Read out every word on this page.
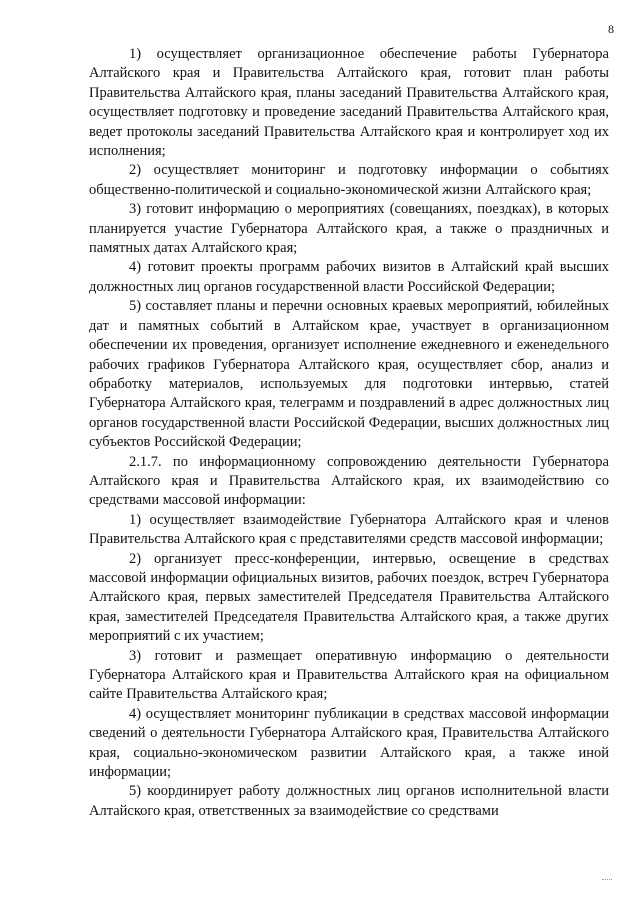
8

1) осуществляет организационное обеспечение работы Губернатора Алтайского края и Правительства Алтайского края, готовит план работы Правительства Алтайского края, планы заседаний Правительства Алтайского края, осуществляет подготовку и проведение заседаний Правительства Алтайского края, ведет протоколы заседаний Правительства Алтайского края и контролирует ход их исполнения;

2) осуществляет мониторинг и подготовку информации о событиях общественно-политической и социально-экономической жизни Алтайского края;

3) готовит информацию о мероприятиях (совещаниях, поездках), в которых планируется участие Губернатора Алтайского края, а также о праздничных и памятных датах Алтайского края;

4) готовит проекты программ рабочих визитов в Алтайский край высших должностных лиц органов государственной власти Российской Федерации;

5) составляет планы и перечни основных краевых мероприятий, юбилейных дат и памятных событий в Алтайском крае, участвует в организационном обеспечении их проведения, организует исполнение ежедневного и еженедельного рабочих графиков Губернатора Алтайского края, осуществляет сбор, анализ и обработку материалов, используемых для подготовки интервью, статей Губернатора Алтайского края, телеграмм и поздравлений в адрес должностных лиц органов государственной власти Российской Федерации, высших должностных лиц субъектов Российской Федерации;

2.1.7. по информационному сопровождению деятельности Губернатора Алтайского края и Правительства Алтайского края, их взаимодействию со средствами массовой информации:

1) осуществляет взаимодействие Губернатора Алтайского края и членов Правительства Алтайского края с представителями средств массовой информации;

2) организует пресс-конференции, интервью, освещение в средствах массовой информации официальных визитов, рабочих поездок, встреч Губернатора Алтайского края, первых заместителей Председателя Правительства Алтайского края, заместителей Председателя Правительства Алтайского края, а также других мероприятий с их участием;

3) готовит и размещает оперативную информацию о деятельности Губернатора Алтайского края и Правительства Алтайского края на официальном сайте Правительства Алтайского края;

4) осуществляет мониторинг публикации в средствах массовой информации сведений о деятельности Губернатора Алтайского края, Правительства Алтайского края, социально-экономическом развитии Алтайского края, а также иной информации;

5) координирует работу должностных лиц органов исполнительной власти Алтайского края, ответственных за взаимодействие со средствами
